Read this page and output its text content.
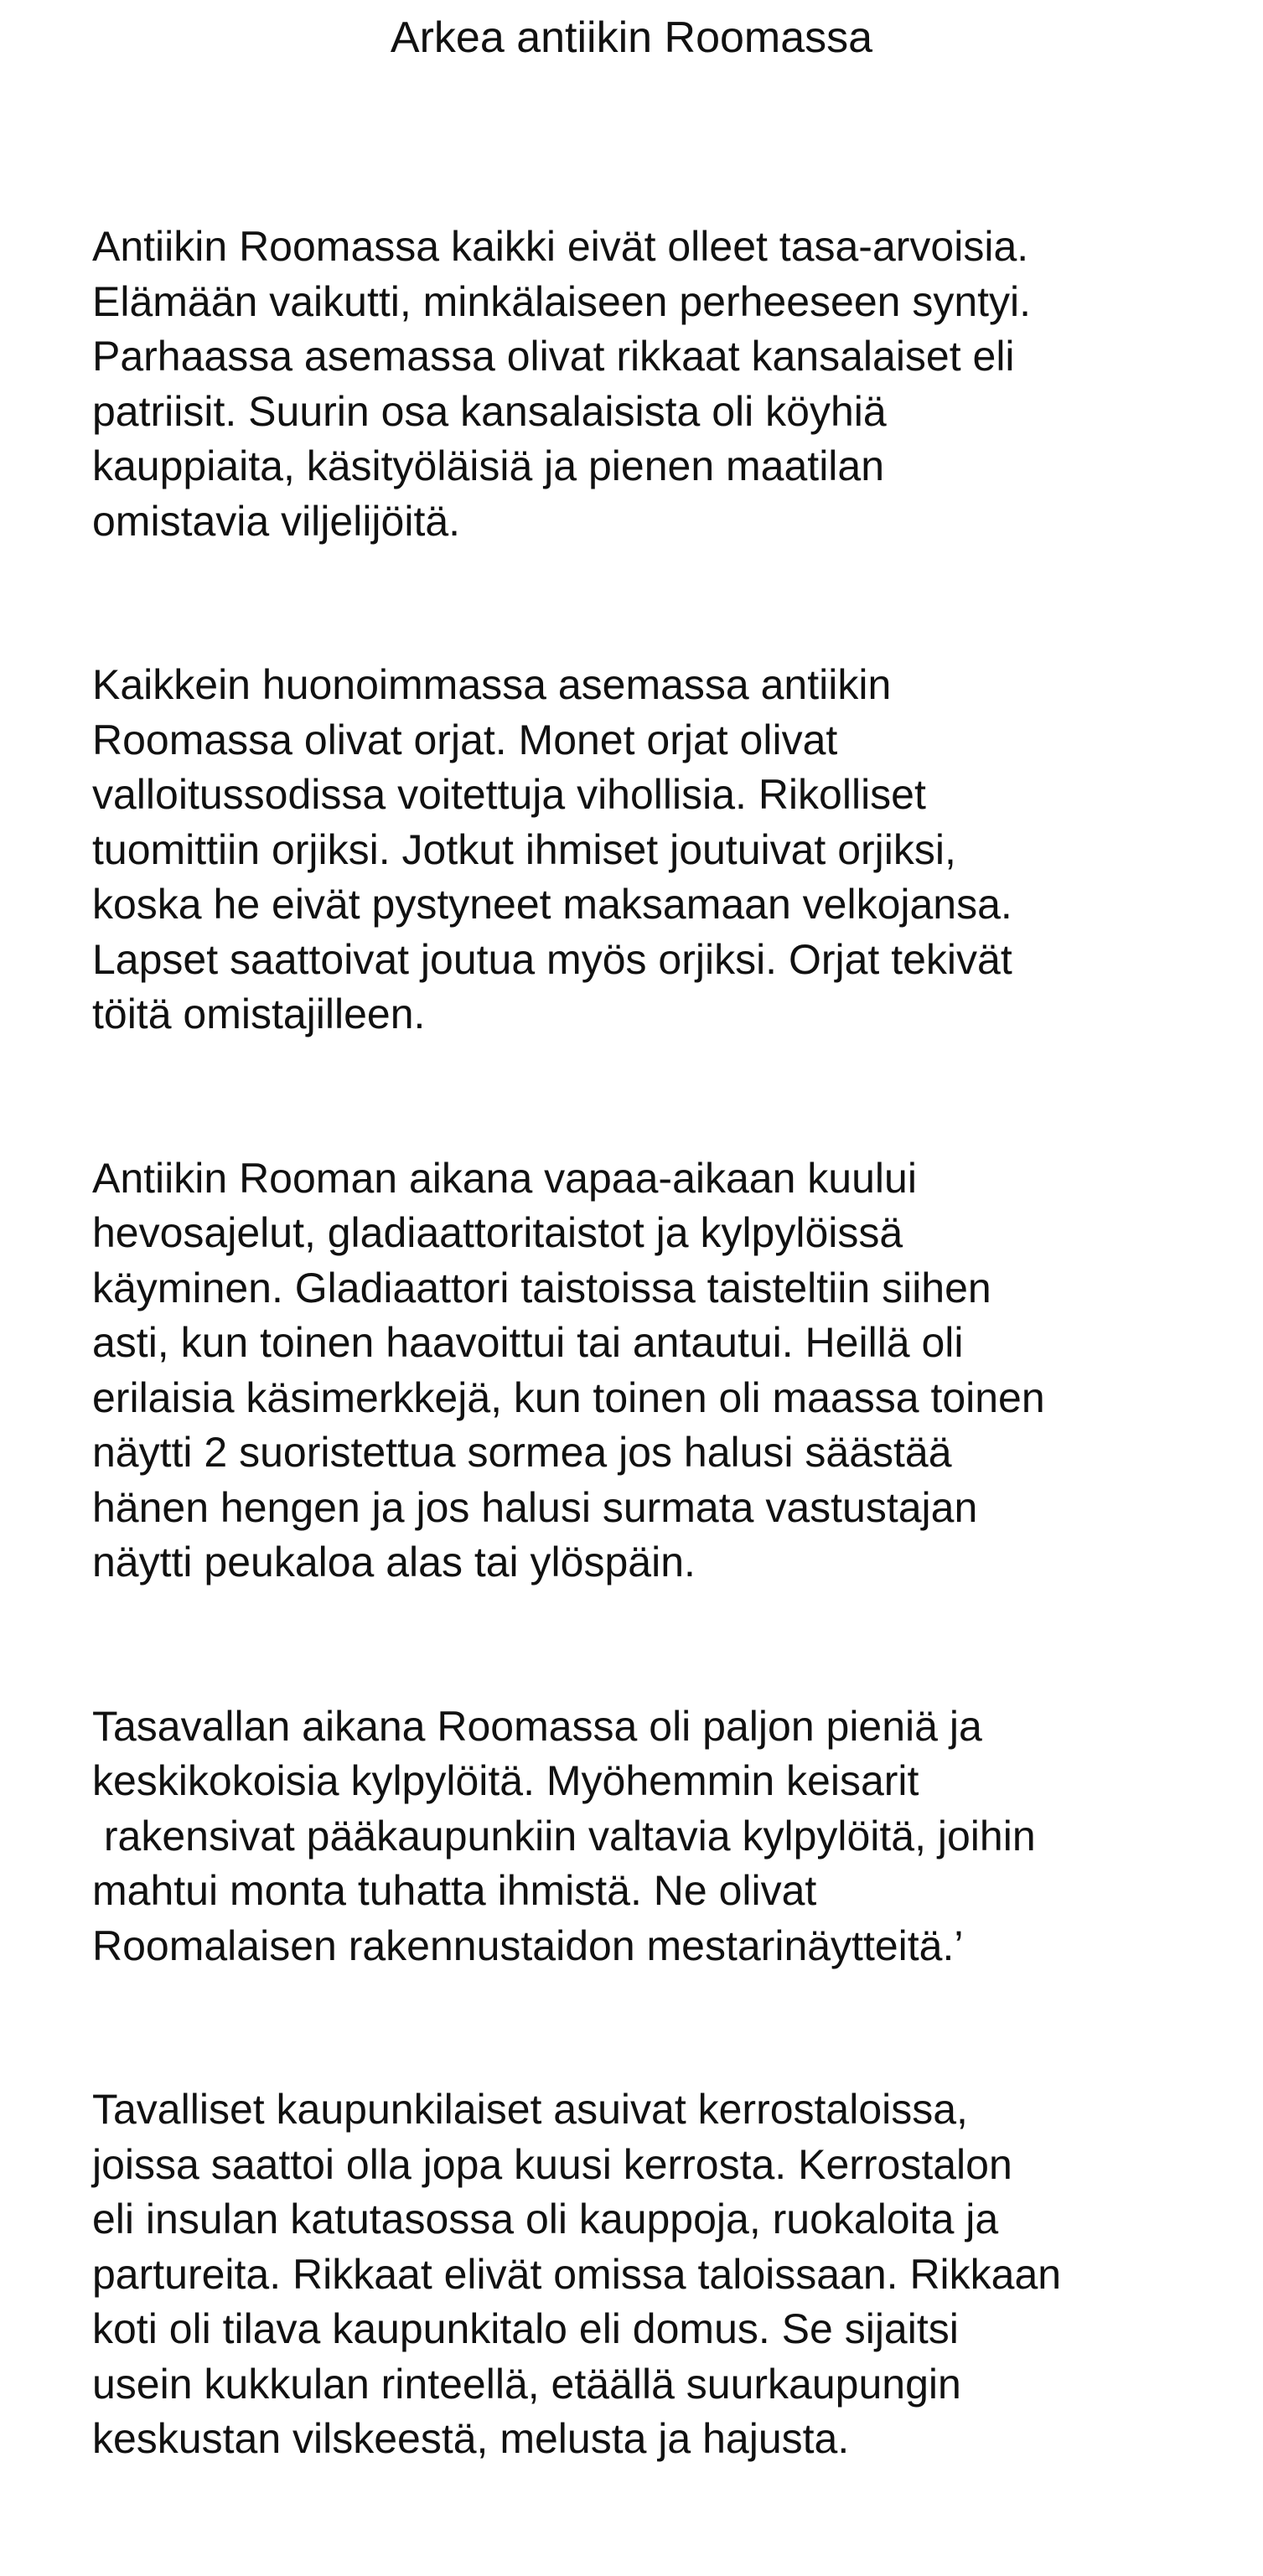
Arkea antiikin Roomassa
Antiikin Roomassa kaikki eivät olleet tasa-arvoisia.
Elämään vaikutti, minkälaiseen perheeseen syntyi.
Parhaassa asemassa olivat rikkaat kansalaiset eli
patriisit. Suurin osa kansalaisista oli köyhiä
kauppiaita, käsityöläisiä ja pienen maatilan
omistavia viljelijöitä.
Kaikkein huonoimmassa asemassa antiikin
Roomassa olivat orjat. Monet orjat olivat
valloitussodissa voitettuja vihollisia. Rikolliset
tuomittiin orjiksi. Jotkut ihmiset joutuivat orjiksi,
koska he eivät pystyneet maksamaan velkojansa.
Lapset saattoivat joutua myös orjiksi. Orjat tekivät
töitä omistajilleen.
Antiikin Rooman aikana vapaa-aikaan kuului
hevosajelut, gladiaattoritaistot ja kylpylöissä
käyminen. Gladiaattori taistoissa taisteltiin siihen
asti, kun toinen haavoittui tai antautui. Heillä oli
erilaisia käsimerkkejä, kun toinen oli maassa toinen
näytti 2 suoristettua sormea jos halusi säästää
hänen hengen ja jos halusi surmata vastustajan
näytti peukaloa alas tai ylöspäin.
Tasavallan aikana Roomassa oli paljon pieniä ja
keskikokoisia kylpylöitä. Myöhemmin keisarit
rakensivat pääkaupunkiin valtavia kylpylöitä, joihin
mahtui monta tuhatta ihmistä. Ne olivat
Roomalaisen rakennustaidon mestarinäytteitä.’
Tavalliset kaupunkilaiset asuivat kerrostaloissa,
joissa saattoi olla jopa kuusi kerrosta. Kerrostalon
eli insulan katutasossa oli kauppoja, ruokaloita ja
partureita. Rikkaat elivät omissa taloissaan. Rikkaan
koti oli tilava kaupunkitalo eli domus. Se sijaitsi
usein kukkulan rinteellä, etäällä suurkaupungin
keskustan vilskeestä, melusta ja hajusta.
